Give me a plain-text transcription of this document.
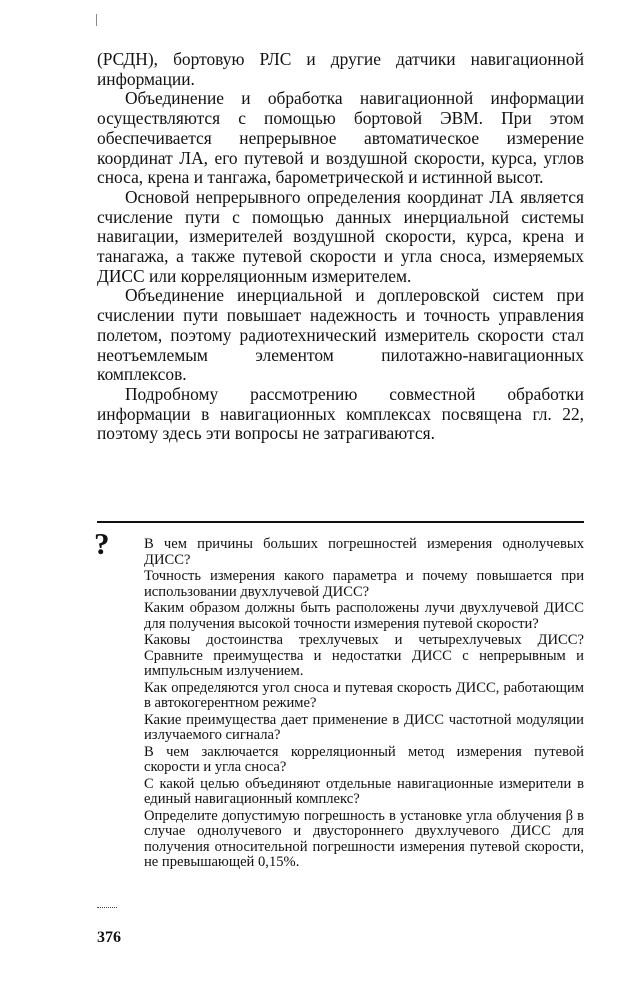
(РСДН), бортовую РЛС и другие датчики навигационной информации.

Объединение и обработка навигационной информации осуществляются с помощью бортовой ЭВМ. При этом обеспечивается непрерывное автоматическое измерение координат ЛА, его путевой и воздушной скорости, курса, углов сноса, крена и тангажа, барометрической и истинной высот.

Основой непрерывного определения координат ЛА является счисление пути с помощью данных инерциальной системы навигации, измерителей воздушной скорости, курса, крена и танагажа, а также путевой скорости и угла сноса, измеряемых ДИСС или корреляционным измерителем.

Объединение инерциальной и доплеровской систем при счислении пути повышает надежность и точность управления полетом, поэтому радиотехнический измеритель скорости стал неотъемлемым элементом пилотажно-навигационных комплексов.

Подробному рассмотрению совместной обработки информации в навигационных комплексах посвящена гл. 22, поэтому здесь эти вопросы не затрагиваются.

? В чем причины больших погрешностей измерения однолучевых ДИСС?

Точность измерения какого параметра и почему повышается при использовании двухлучевой ДИСС?

Каким образом должны быть расположены лучи двухлучевой ДИСС для получения высокой точности измерения путевой скорости?

Каковы достоинства трехлучевых и четырехлучевых ДИСС? Сравните преимущества и недостатки ДИСС с непрерывным и импульсным излучением.

Как определяются угол сноса и путевая скорость ДИСС, работающим в автокогерентном режиме?

Какие преимущества дает применение в ДИСС частотной модуляции излучаемого сигнала?

В чем заключается корреляционный метод измерения путевой скорости и угла сноса?

С какой целью объединяют отдельные навигационные измерители в единый навигационный комплекс?

Определите допустимую погрешность в установке угла облучения β в случае однолучевого и двустороннего двухлучевого ДИСС для получения относительной погрешности измерения путевой скорости, не превышающей 0,15%.

376
